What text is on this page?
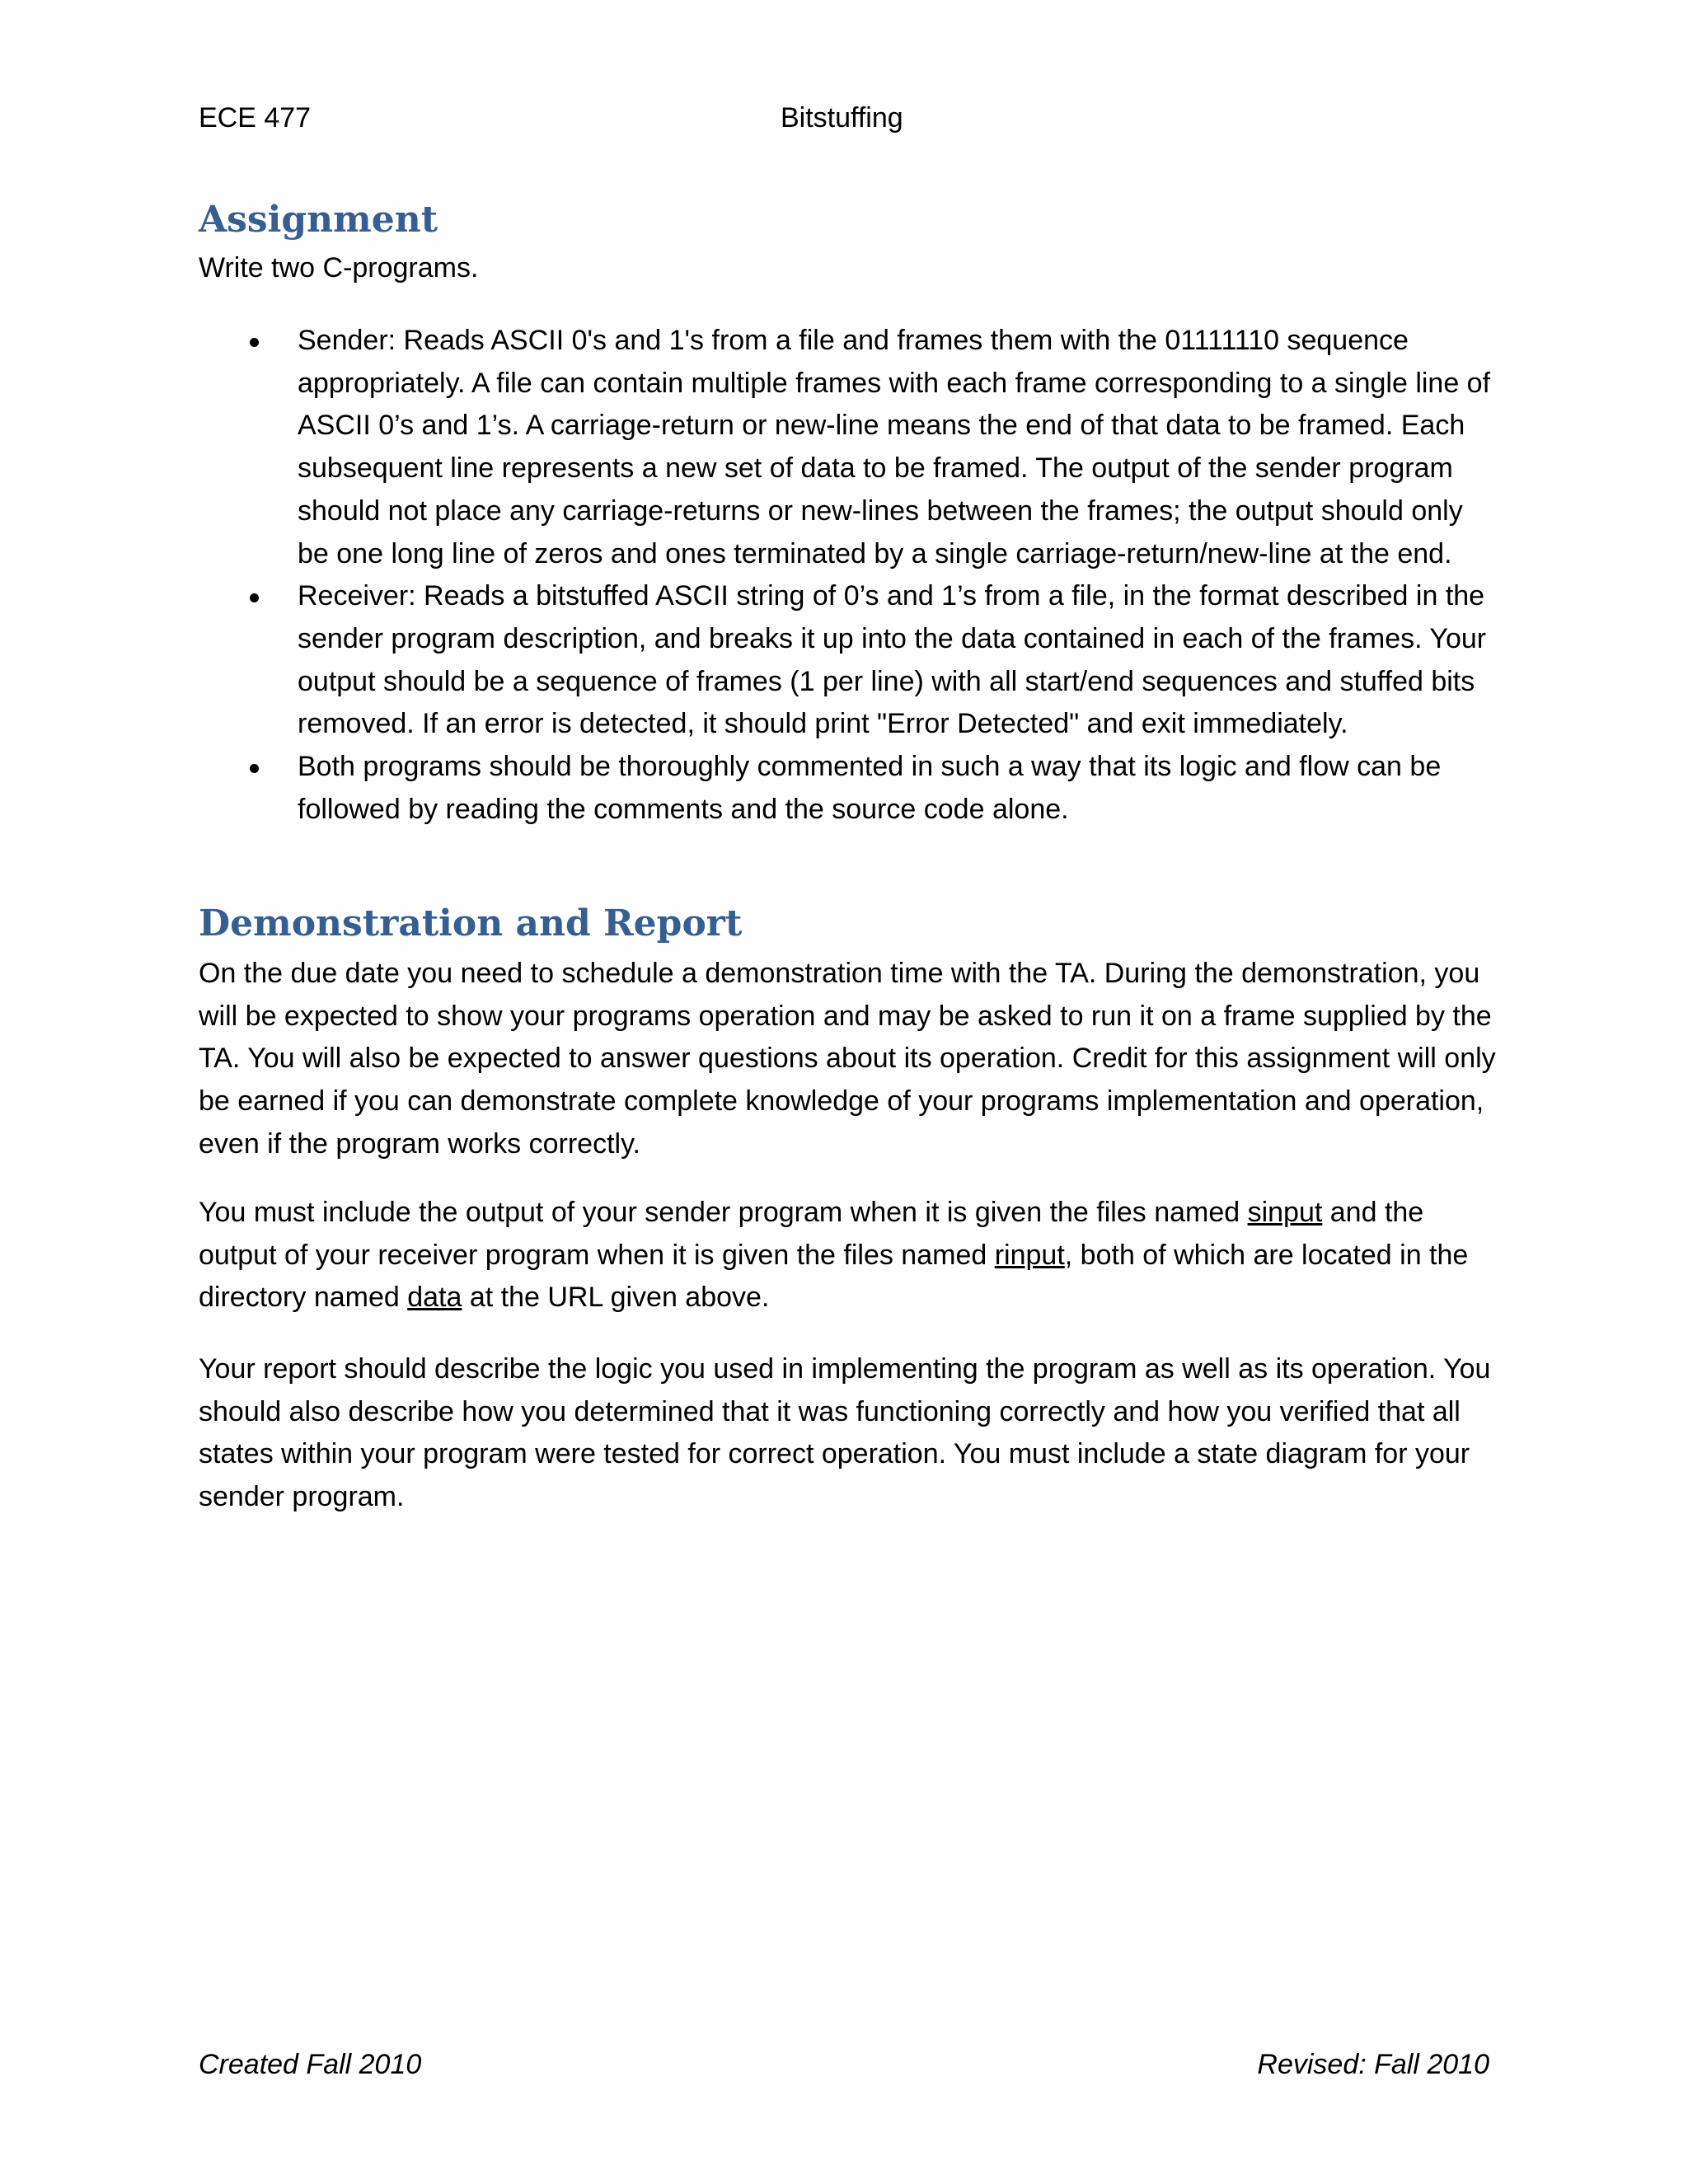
ECE 477	Bitstuffing
Assignment

Write two C-programs.

Sender: Reads ASCII 0's and 1's from a file and frames them with the 01111110 sequence appropriately. A file can contain multiple frames with each frame corresponding to a single line of ASCII 0’s and 1’s. A carriage-return or new-line means the end of that data to be framed. Each subsequent line represents a new set of data to be framed. The output of the sender program should not place any carriage-returns or new-lines between the frames; the output should only be one long line of zeros and ones terminated by a single carriage-return/new-line at the end.
Receiver: Reads a bitstuffed ASCII string of 0’s and 1’s from a file, in the format described in the sender program description, and breaks it up into the data contained in each of the frames. Your output should be a sequence of frames (1 per line) with all start/end sequences and stuffed bits removed. If an error is detected, it should print "Error Detected" and exit immediately.
Both programs should be thoroughly commented in such a way that its logic and flow can be followed by reading the comments and the source code alone.
Demonstration and Report

On the due date you need to schedule a demonstration time with the TA. During the demonstration, you will be expected to show your programs operation and may be asked to run it on a frame supplied by the TA. You will also be expected to answer questions about its operation. Credit for this assignment will only be earned if you can demonstrate complete knowledge of your programs implementation and operation, even if the program works correctly.

You must include the output of your sender program when it is given the files named sinput and the output of your receiver program when it is given the files named rinput, both of which are located in the directory named data at the URL given above.

Your report should describe the logic you used in implementing the program as well as its operation. You should also describe how you determined that it was functioning correctly and how you verified that all states within your program were tested for correct operation. You must include a state diagram for your sender program.

Created Fall 2010	Revised: Fall 2010
